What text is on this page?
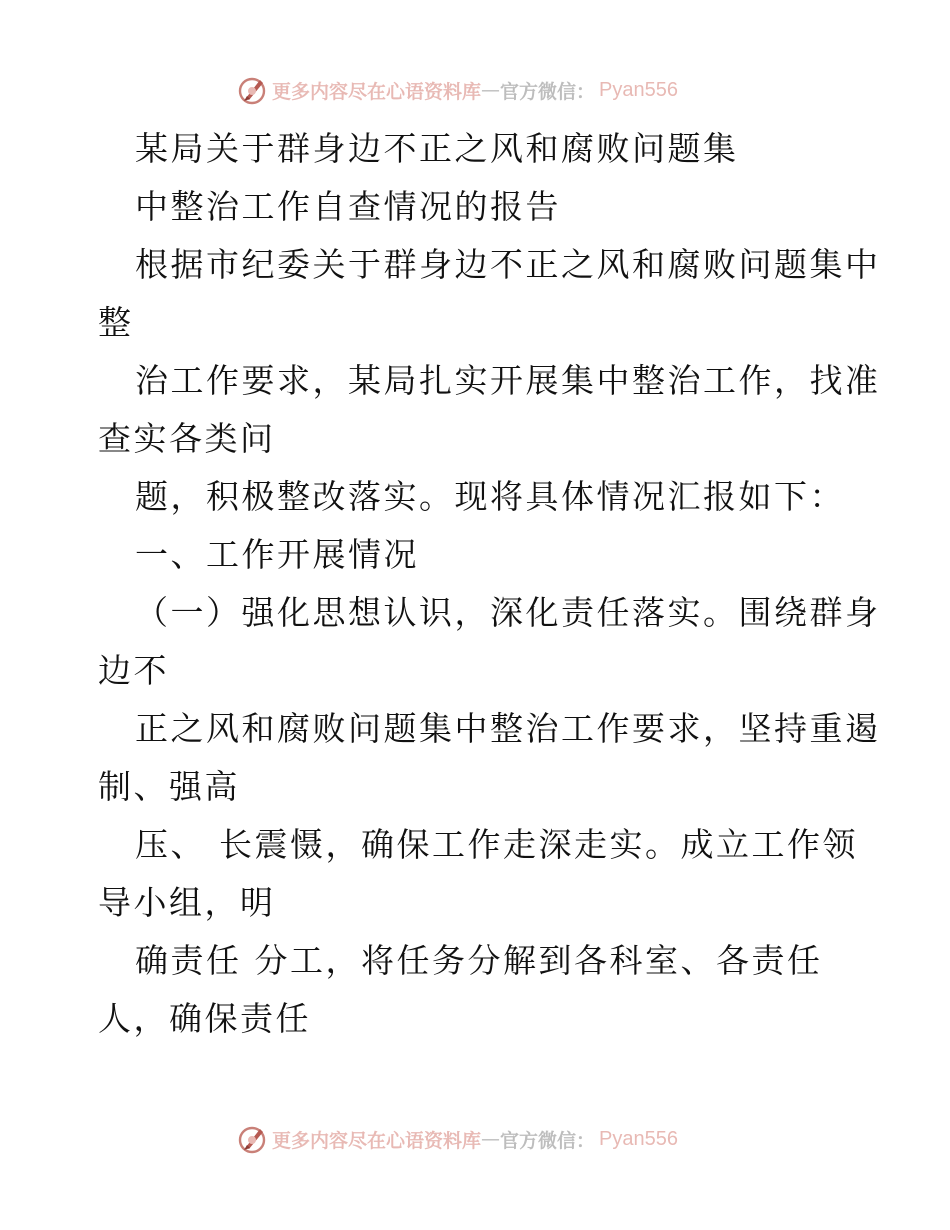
更多内容尽在心语资料库 — 官方微信： Pyan556
某局关于群身边不正之风和腐败问题集
中整治工作自查情况的报告
根据市纪委关于群身边不正之风和腐败问题集中
整
治工作要求，某局扎实开展集中整治工作，找准
查实各类问
题，积极整改落实。现将具体情况汇报如下：
一、工作开展情况
（一）强化思想认识，深化责任落实。围绕群身
边不
正之风和腐败问题集中整治工作要求，坚持重遏
制、强高
压、 长震慑，确保工作走深走实。成立工作领
导小组，明
确责任 分工，将任务分解到各科室、各责任
人，确保责任
更多内容尽在心语资料库 — 官方微信： Pyan556
